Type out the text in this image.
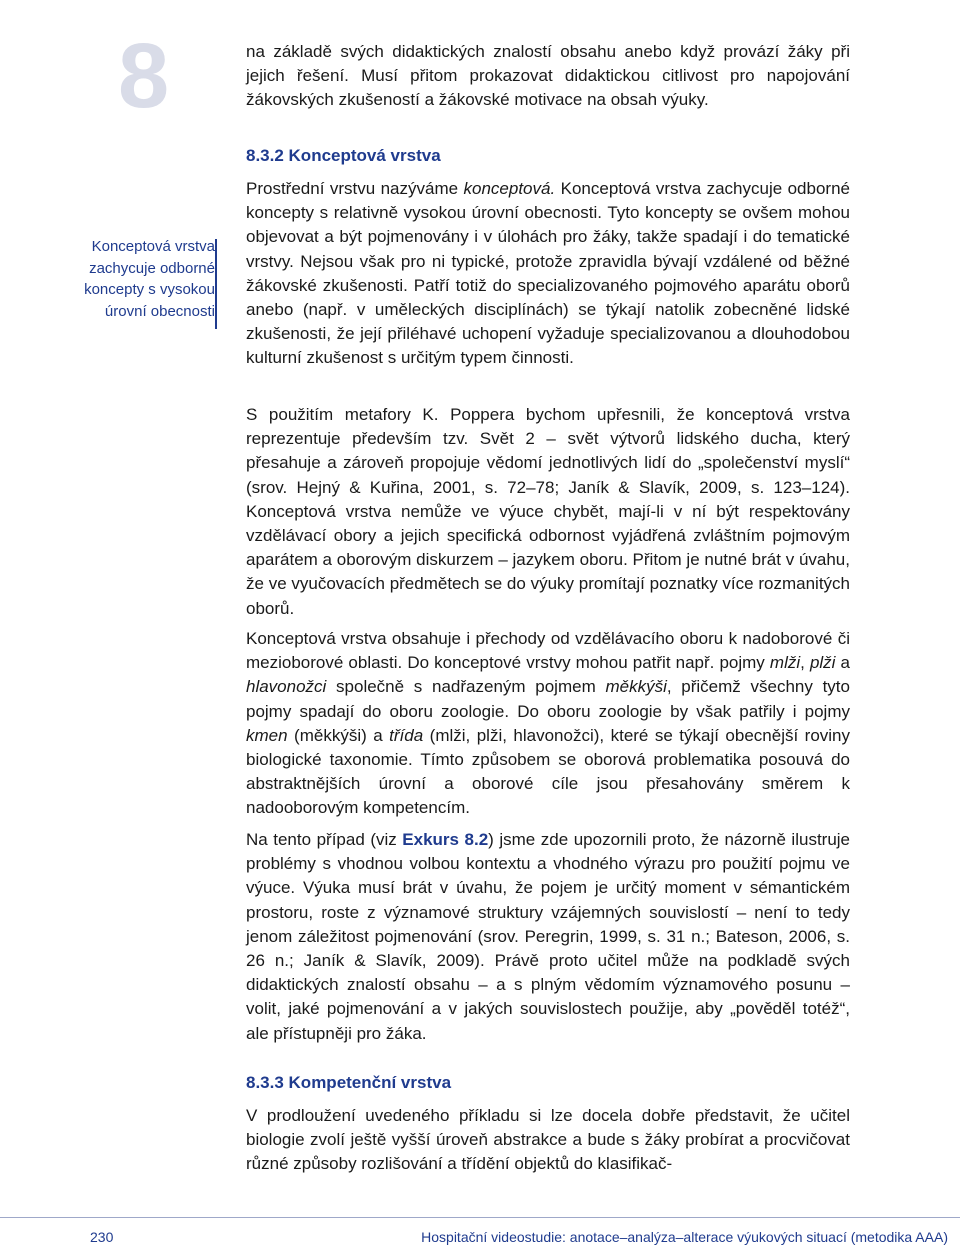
8	na základě svých didaktických znalostí obsahu anebo když provází žáky při jejich řešení. Musí přitom prokazovat didaktickou citlivost pro napojování žákovských zkušeností a žákovské motivace na obsah výuky.

8.3.2 Konceptová vrstva

Prostřední vrstvu nazýváme konceptová. Konceptová vrstva zachycuje odborné koncepty s relativně vysokou úrovní obecnosti. Tyto koncepty se ovšem mohou objevovat a být pojmenovány i v úlohách pro žáky, takže spadají i do tematické vrstvy. Nejsou však pro ni typické, protože zpravidla bývají vzdálené od běžné žákovské zkušenosti. Patří totiž do specializovaného pojmového aparátu oborů anebo (např. v uměleckých disciplínách) se týkají natolik zobecněné lidské zkušenosti, že její přiléhavé uchopení vyžaduje specializovanou a dlouhodobou kulturní zkušenost s určitým typem činnosti.

S použitím metafory K. Poppera bychom upřesnili, že konceptová vrstva reprezentuje především tzv. Svět 2 – svět výtvorů lidského ducha, který přesahuje a zároveň propojuje vědomí jednotlivých lidí do „společenství myslí“ (srov. Hejný & Kuřina, 2001, s. 72–78; Janík & Slavík, 2009, s. 123–124). Konceptová vrstva nemůže ve výuce chybět, mají-li v ní být respektovány vzdělávací obory a jejich specifická odbornost vyjádřená zvláštním pojmovým aparátem a oborovým diskurzem – jazykem oboru. Přitom je nutné brát v úvahu, že ve vyučovacích předmětech se do výuky promítají poznatky více rozmanitých oborů.

Konceptová vrstva obsahuje i přechody od vzdělávacího oboru k nadoborové či mezioborové oblasti. Do konceptové vrstvy mohou patřit např. pojmy mlži, plži a hlavonožci společně s nadřazeným pojmem měkkýši, přičemž všechny tyto pojmy spadají do oboru zoologie. Do oboru zoologie by však patřily i pojmy kmen (měkkýši) a třída (mlži, plži, hlavonožci), které se týkají obecnější roviny biologické taxonomie. Tímto způsobem se oborová problematika posouvá do abstraktnějších úrovní a oborové cíle jsou přesahovány směrem k nadooborovým kompetencím.

Na tento případ (viz Exkurs 8.2) jsme zde upozornili proto, že názorně ilustruje problémy s vhodnou volbou kontextu a vhodného výrazu pro použití pojmu ve výuce. Výuka musí brát v úvahu, že pojem je určitý moment v sémantickém prostoru, roste z významové struktury vzájemných souvislostí – není to tedy jenom záležitost pojmenování (srov. Peregrin, 1999, s. 31 n.; Bateson, 2006, s. 26 n.; Janík & Slavík, 2009). Právě proto učitel může na podkladě svých didaktických znalostí obsahu – a s plným vědomím významového posunu – volit, jaké pojmenování a v jakých souvislostech použije, aby „pověděl totéž“, ale přístupněji pro žáka.

8.3.3 Kompetenční vrstva

V prodloužení uvedeného příkladu si lze docela dobře představit, že učitel biologie zvolí ještě vyšší úroveň abstrakce a bude s žáky probírat a procvičovat různé způsoby rozlišování a třídění objektů do klasifikač-

Konceptová vrstva zachycuje odborné koncepty s vysokou úrovní obecnosti
230	Hospitační videostudie: anotace–analýza–alterace výukových situací (metodika AAA)
